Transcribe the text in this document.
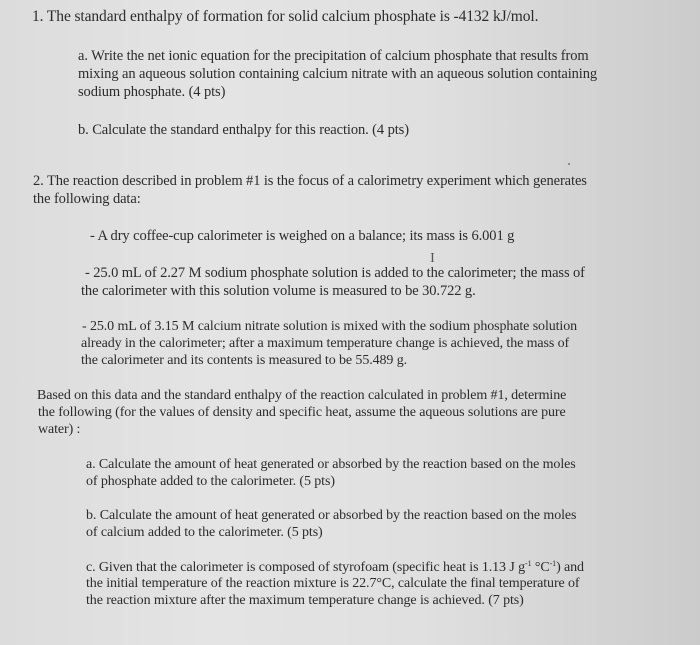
1. The standard enthalpy of formation for solid calcium phosphate is -4132 kJ/mol.
a. Write the net ionic equation for the precipitation of calcium phosphate that results from
mixing an aqueous solution containing calcium nitrate with an aqueous solution containing
sodium phosphate. (4 pts)
b. Calculate the standard enthalpy for this reaction. (4 pts)
2. The reaction described in problem #1 is the focus of a calorimetry experiment which generates
the following data:
- A dry coffee-cup calorimeter is weighed on a balance; its mass is 6.001 g
I
- 25.0 mL of 2.27 M sodium phosphate solution is added to the calorimeter; the mass of
the calorimeter with this solution volume is measured to be 30.722 g.
- 25.0 mL of 3.15 M calcium nitrate solution is mixed with the sodium phosphate solution
already in the calorimeter; after a maximum temperature change is achieved, the mass of
the calorimeter and its contents is measured to be 55.489 g.
Based on this data and the standard enthalpy of the reaction calculated in problem #1, determine
the following (for the values of density and specific heat, assume the aqueous solutions are pure
water) :
a. Calculate the amount of heat generated or absorbed by the reaction based on the moles
of phosphate added to the calorimeter. (5 pts)
b. Calculate the amount of heat generated or absorbed by the reaction based on the moles
of calcium added to the calorimeter. (5 pts)
c. Given that the calorimeter is composed of styrofoam (specific heat is 1.13 J $g^{-1}$ $^\circ C^{-1}$) and
the initial temperature of the reaction mixture is 22.7°C, calculate the final temperature of
the reaction mixture after the maximum temperature change is achieved. (7 pts)
